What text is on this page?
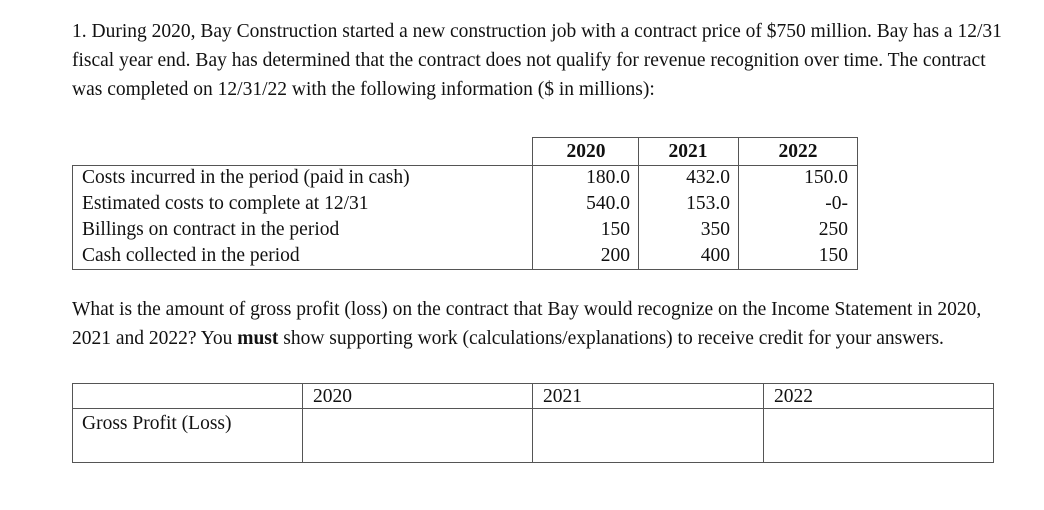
1. During 2020, Bay Construction started a new construction job with a contract price of $750 million. Bay has a 12/31 fiscal year end. Bay has determined that the contract does not qualify for revenue recognition over time. The contract was completed on 12/31/22 with the following information ($ in millions):

2020	2021	2022
Costs incurred in the period (paid in cash)	180.0	432.0	150.0
Estimated costs to complete at 12/31	540.0	153.0	-0-
Billings on contract in the period	150	350	250
Cash collected in the period	200	400	150

What is the amount of gross profit (loss) on the contract that Bay would recognize on the Income Statement in 2020, 2021 and 2022? You must show supporting work (calculations/explanations) to receive credit for your answers.

2020	2021	2022
Gross Profit (Loss)
